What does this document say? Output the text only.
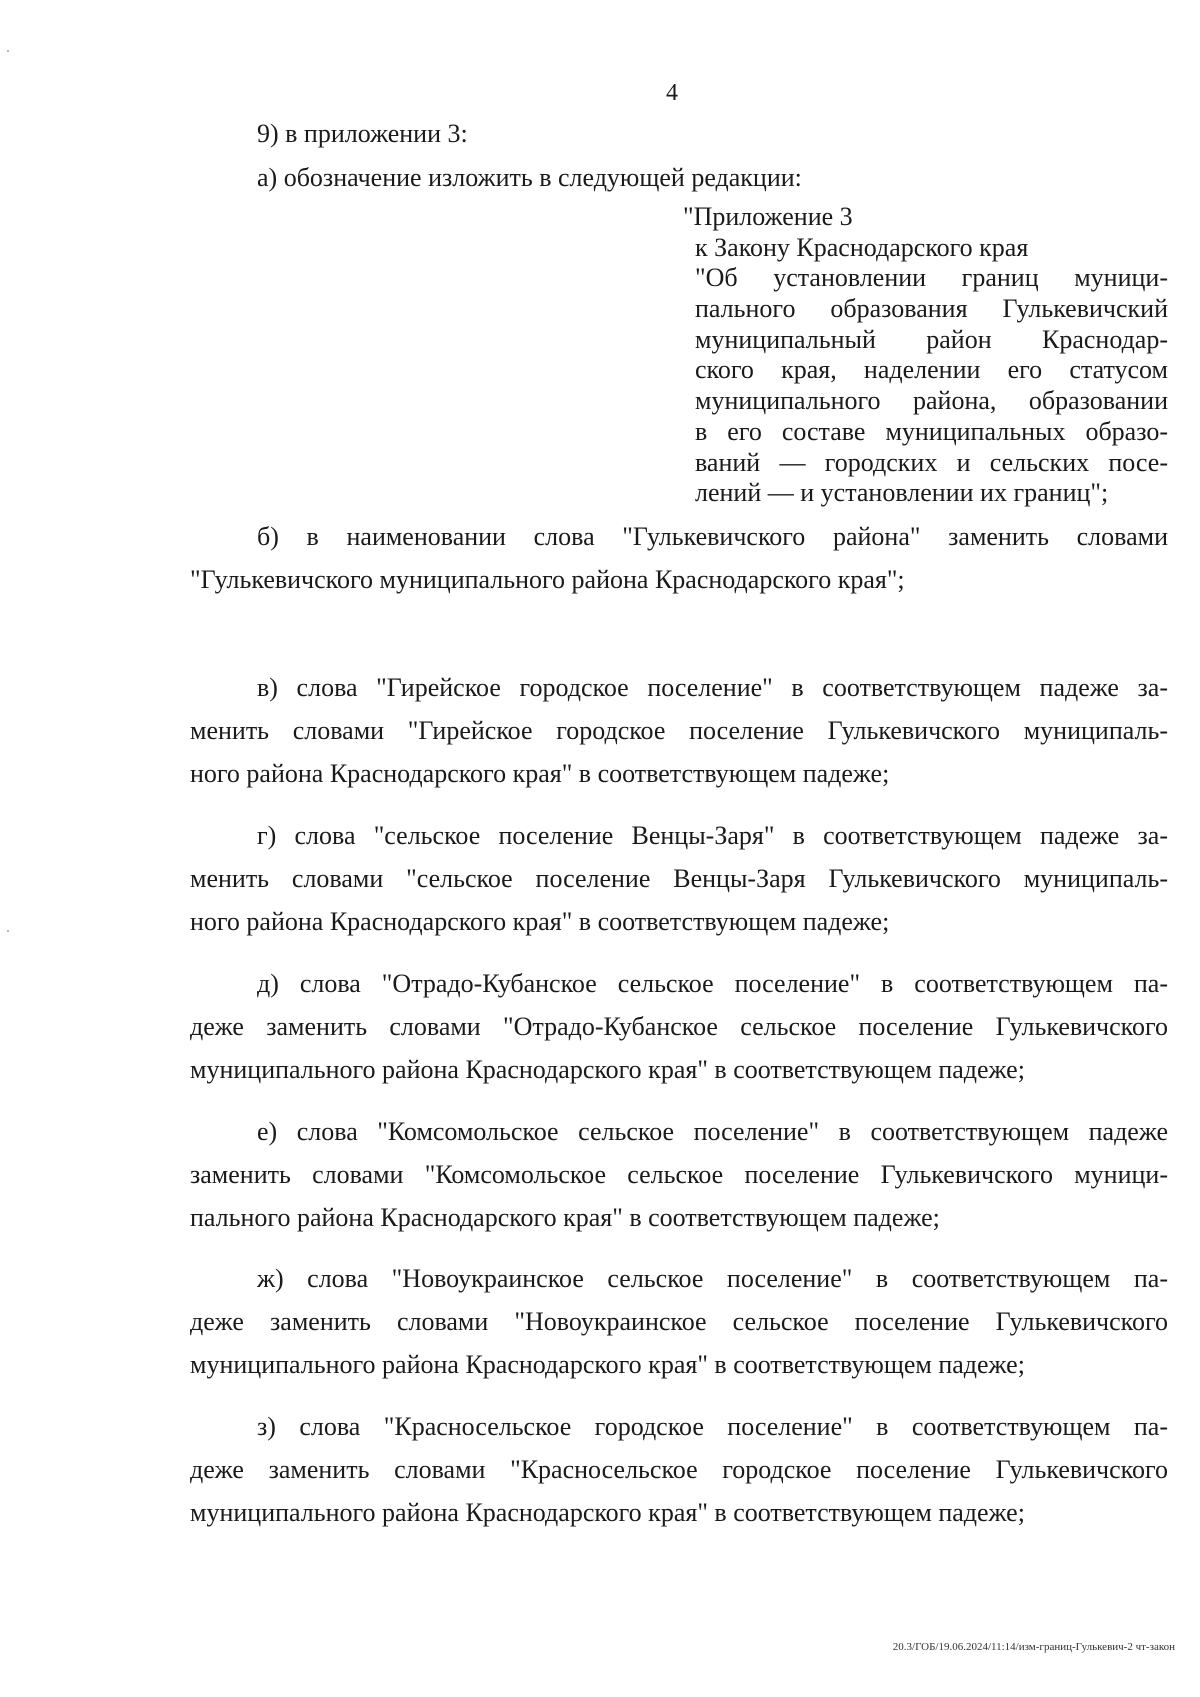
4
9) в приложении 3:
а) обозначение изложить в следующей редакции:
"Приложение 3
к Закону Краснодарского края
"Об установлении границ муници-
пального образования Гулькевичский
муниципальный район Краснодар-
ского края, наделении его статусом
муниципального района, образовании
в его составе муниципальных образо-
ваний — городских и сельских посе-
лений — и установлении их границ";
б) в наименовании слова "Гулькевичского района" заменить словами
"Гулькевичского муниципального района Краснодарского края";
в) слова "Гирейское городское поселение" в соответствующем падеже за-
менить словами "Гирейское городское поселение Гулькевичского муниципаль-
ного района Краснодарского края" в соответствующем падеже;
г) слова "сельское поселение Венцы-Заря" в соответствующем падеже за-
менить словами "сельское поселение Венцы-Заря Гулькевичского муниципаль-
ного района Краснодарского края" в соответствующем падеже;
д) слова "Отрадо-Кубанское сельское поселение" в соответствующем па-
деже заменить словами "Отрадо-Кубанское сельское поселение Гулькевичского
муниципального района Краснодарского края" в соответствующем падеже;
е) слова "Комсомольское сельское поселение" в соответствующем падеже
заменить словами "Комсомольское сельское поселение Гулькевичского муници-
пального района Краснодарского края" в соответствующем падеже;
ж) слова "Новоукраинское сельское поселение" в соответствующем па-
деже заменить словами "Новоукраинское сельское поселение Гулькевичского
муниципального района Краснодарского края" в соответствующем падеже;
з) слова "Красносельское городское поселение" в соответствующем па-
деже заменить словами "Красносельское городское поселение Гулькевичского
муниципального района Краснодарского края" в соответствующем падеже;
20.3/ГОБ/19.06.2024/11:14/изм-границ-Гулькевич-2 чт-закон
